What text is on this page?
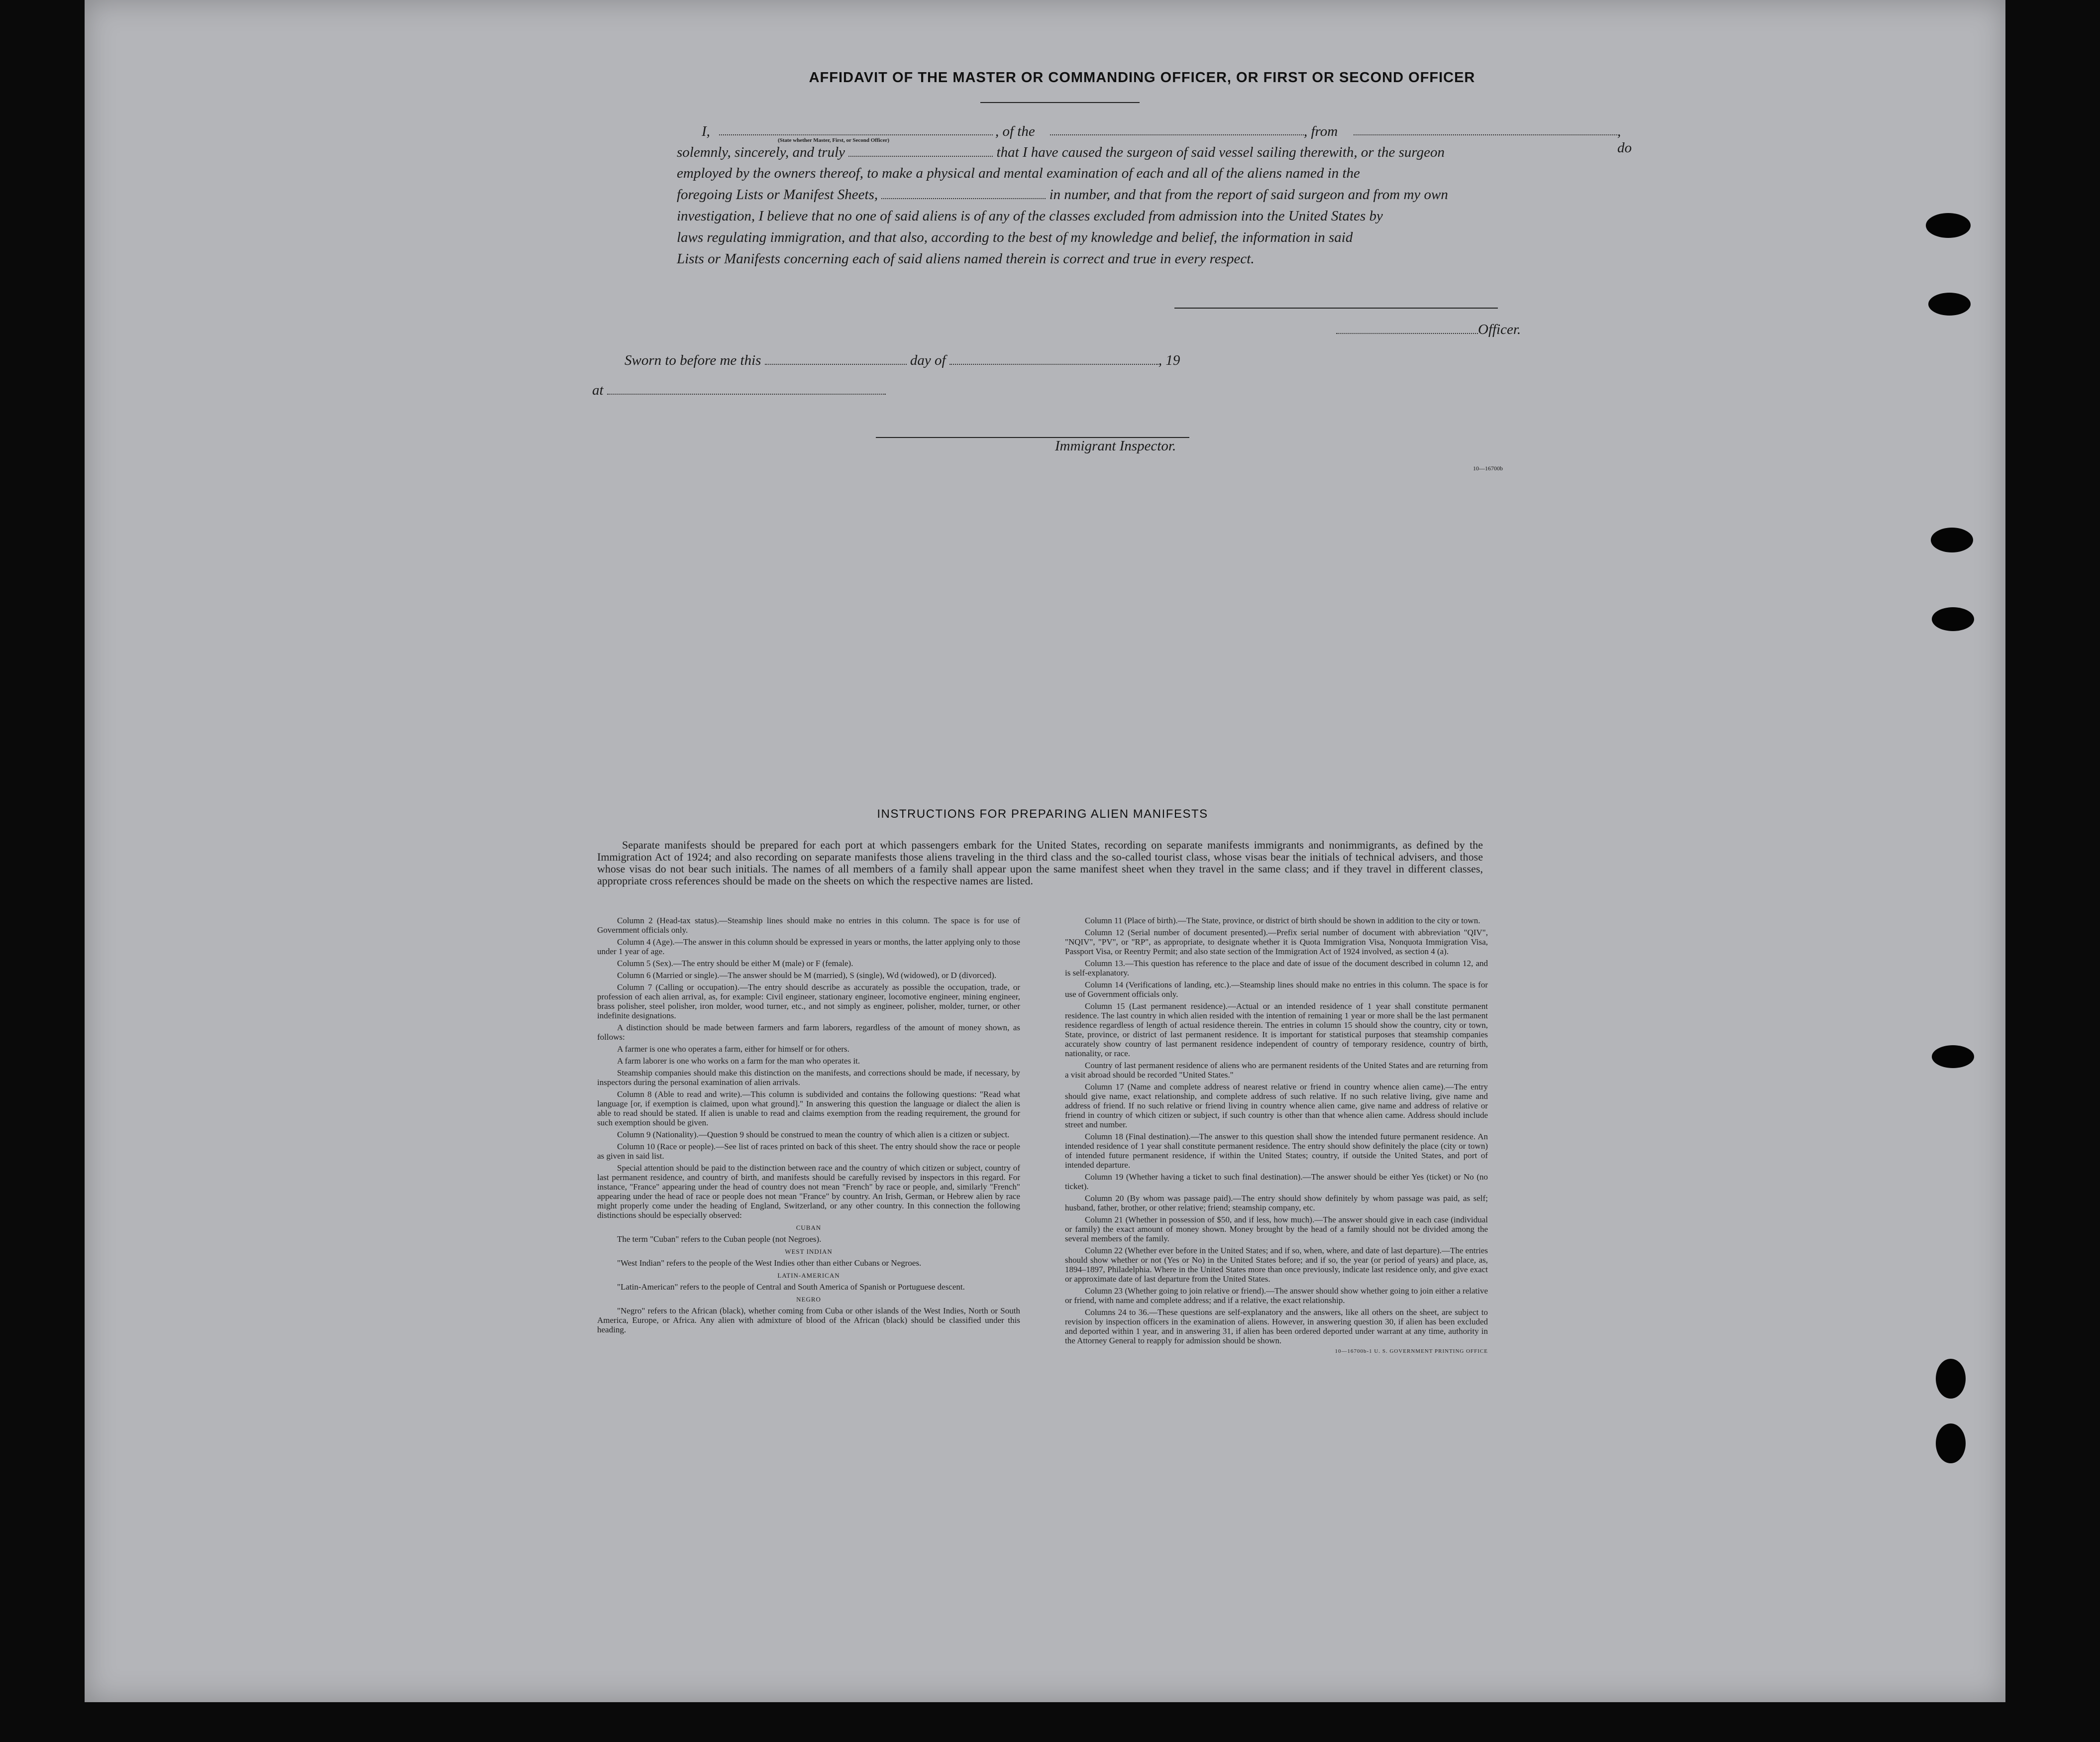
AFFIDAVIT OF THE MASTER OR COMMANDING OFFICER, OR FIRST OR SECOND OFFICER
I,	, of the	, from	, do
(State whether Master, First, or Second Officer)
solemnly, sincerely, and truly	that I have caused the surgeon of said vessel sailing therewith, or the surgeon
employed by the owners thereof, to make a physical and mental examination of each and all of the aliens named in the
foregoing Lists or Manifest Sheets,	in number, and that from the report of said surgeon and from my own
investigation, I believe that no one of said aliens is of any of the classes excluded from admission into the United States by
laws regulating immigration, and that also, according to the best of my knowledge and belief, the information in said
Lists or Manifests concerning each of said aliens named therein is correct and true in every respect.
Officer.
Sworn to before me this	day of	, 19
at
Immigrant Inspector.
10—16700b
INSTRUCTIONS FOR PREPARING ALIEN MANIFESTS

Separate manifests should be prepared for each port at which passengers embark for the United States, recording on separate manifests immigrants and nonimmigrants, as defined by the Immigration Act of 1924; and also recording on separate manifests those aliens traveling in the third class and the so-called tourist class, whose visas bear the initials of technical advisers, and those whose visas do not bear such initials. The names of all members of a family shall appear upon the same manifest sheet when they travel in the same class; and if they travel in different classes, appropriate cross references should be made on the sheets on which the respective names are listed.

Column 2 (Head-tax status).—Steamship lines should make no entries in this column. The space is for use of Government officials only.

Column 4 (Age).—The answer in this column should be expressed in years or months, the latter applying only to those under 1 year of age.

Column 5 (Sex).—The entry should be either M (male) or F (female).

Column 6 (Married or single).—The answer should be M (married), S (single), Wd (widowed), or D (divorced).

Column 7 (Calling or occupation).—The entry should describe as accurately as possible the occupation, trade, or profession of each alien arrival, as, for example: Civil engineer, stationary engineer, locomotive engineer, mining engineer, brass polisher, steel polisher, iron molder, wood turner, etc., and not simply as engineer, polisher, molder, turner, or other indefinite designations.

A distinction should be made between farmers and farm laborers, regardless of the amount of money shown, as follows:

A farmer is one who operates a farm, either for himself or for others.

A farm laborer is one who works on a farm for the man who operates it.

Steamship companies should make this distinction on the manifests, and corrections should be made, if necessary, by inspectors during the personal examination of alien arrivals.

Column 8 (Able to read and write).—This column is subdivided and contains the following questions: "Read what language [or, if exemption is claimed, upon what ground]." In answering this question the language or dialect the alien is able to read should be stated. If alien is unable to read and claims exemption from the reading requirement, the ground for such exemption should be given.

Column 9 (Nationality).—Question 9 should be construed to mean the country of which alien is a citizen or subject.

Column 10 (Race or people).—See list of races printed on back of this sheet. The entry should show the race or people as given in said list.

Special attention should be paid to the distinction between race and the country of which citizen or subject, country of last permanent residence, and country of birth, and manifests should be carefully revised by inspectors in this regard. For instance, "France" appearing under the head of country does not mean "French" by race or people, and, similarly "French" appearing under the head of race or people does not mean "France" by country. An Irish, German, or Hebrew alien by race might properly come under the heading of England, Switzerland, or any other country. In this connection the following distinctions should be especially observed:

CUBAN

The term "Cuban" refers to the Cuban people (not Negroes).

WEST INDIAN

"West Indian" refers to the people of the West Indies other than either Cubans or Negroes.

LATIN-AMERICAN

"Latin-American" refers to the people of Central and South America of Spanish or Portuguese descent.

NEGRO

"Negro" refers to the African (black), whether coming from Cuba or other islands of the West Indies, North or South America, Europe, or Africa. Any alien with admixture of blood of the African (black) should be classified under this heading.

Column 11 (Place of birth).—The State, province, or district of birth should be shown in addition to the city or town.

Column 12 (Serial number of document presented).—Prefix serial number of document with abbreviation "QIV", "NQIV", "PV", or "RP", as appropriate, to designate whether it is Quota Immigration Visa, Nonquota Immigration Visa, Passport Visa, or Reentry Permit; and also state section of the Immigration Act of 1924 involved, as section 4 (a).

Column 13.—This question has reference to the place and date of issue of the document described in column 12, and is self-explanatory.

Column 14 (Verifications of landing, etc.).—Steamship lines should make no entries in this column. The space is for use of Government officials only.

Column 15 (Last permanent residence).—Actual or an intended residence of 1 year shall constitute permanent residence. The last country in which alien resided with the intention of remaining 1 year or more shall be the last permanent residence regardless of length of actual residence therein. The entries in column 15 should show the country, city or town, State, province, or district of last permanent residence. It is important for statistical purposes that steamship companies accurately show country of last permanent residence independent of country of temporary residence, country of birth, nationality, or race.

Country of last permanent residence of aliens who are permanent residents of the United States and are returning from a visit abroad should be recorded "United States."

Column 17 (Name and complete address of nearest relative or friend in country whence alien came).—The entry should give name, exact relationship, and complete address of such relative. If no such relative living, give name and address of friend. If no such relative or friend living in country whence alien came, give name and address of relative or friend in country of which citizen or subject, if such country is other than that whence alien came. Address should include street and number.

Column 18 (Final destination).—The answer to this question shall show the intended future permanent residence. An intended residence of 1 year shall constitute permanent residence. The entry should show definitely the place (city or town) of intended future permanent residence, if within the United States; country, if outside the United States, and port of intended departure.

Column 19 (Whether having a ticket to such final destination).—The answer should be either Yes (ticket) or No (no ticket).

Column 20 (By whom was passage paid).—The entry should show definitely by whom passage was paid, as self; husband, father, brother, or other relative; friend; steamship company, etc.

Column 21 (Whether in possession of $50, and if less, how much).—The answer should give in each case (individual or family) the exact amount of money shown. Money brought by the head of a family should not be divided among the several members of the family.

Column 22 (Whether ever before in the United States; and if so, when, where, and date of last departure).—The entries should show whether or not (Yes or No) in the United States before; and if so, the year (or period of years) and place, as, 1894–1897, Philadelphia. Where in the United States more than once previously, indicate last residence only, and give exact or approximate date of last departure from the United States.

Column 23 (Whether going to join relative or friend).—The answer should show whether going to join either a relative or friend, with name and complete address; and if a relative, the exact relationship.

Columns 24 to 36.—These questions are self-explanatory and the answers, like all others on the sheet, are subject to revision by inspection officers in the examination of aliens. However, in answering question 30, if alien has been excluded and deported within 1 year, and in answering 31, if alien has been ordered deported under warrant at any time, authority in the Attorney General to reapply for admission should be shown.

10—16700b-1 U. S. GOVERNMENT PRINTING OFFICE
